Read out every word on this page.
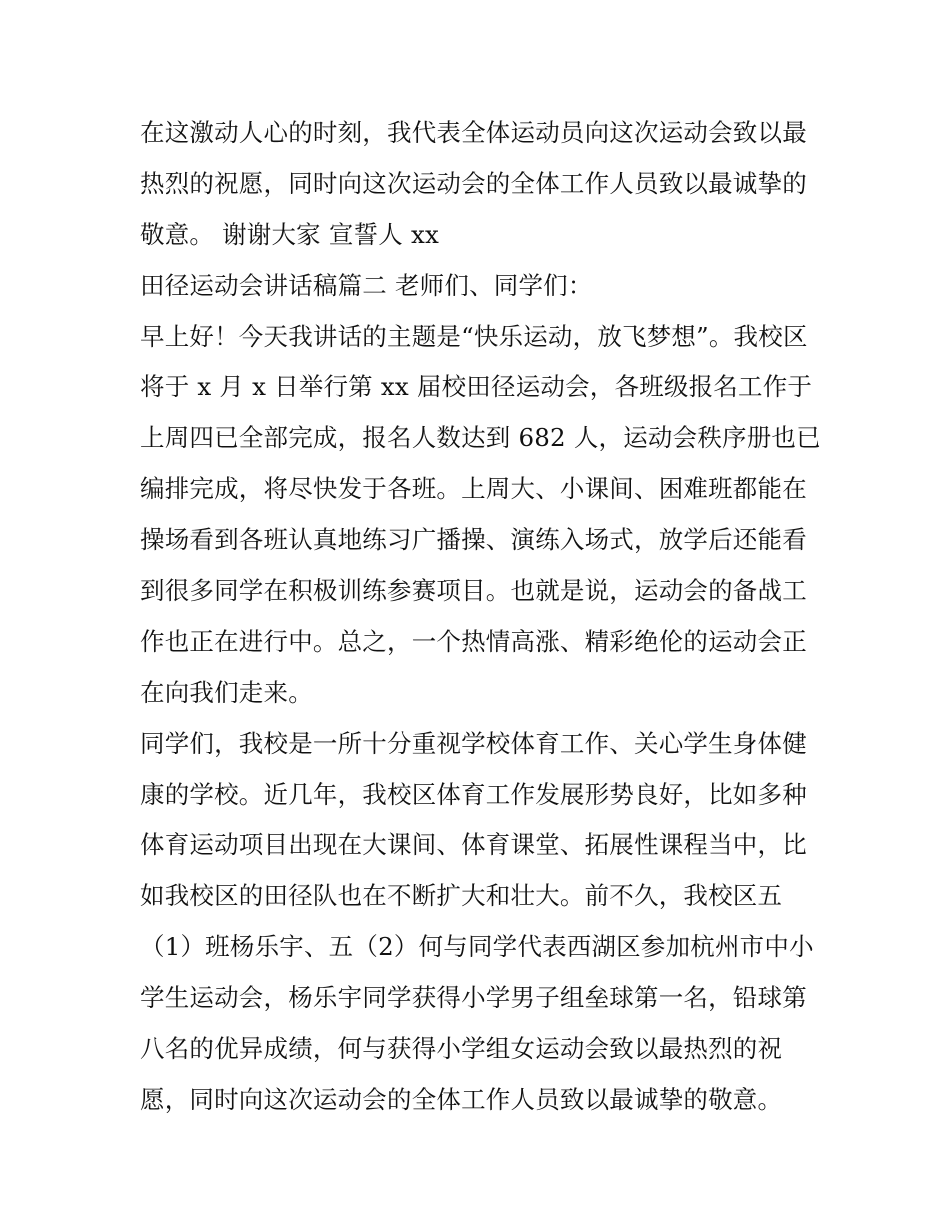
在这激动人心的时刻，我代表全体运动员向这次运动会致以最
热烈的祝愿，同时向这次运动会的全体工作人员致以最诚挚的
敬意。 谢谢大家 宣誓人 xx
田径运动会讲话稿篇二 老师们、同学们：
早上好！今天我讲话的主题是“快乐运动，放飞梦想”。我校区
将于 x 月 x 日举行第 xx 届校田径运动会，各班级报名工作于
上周四已全部完成，报名人数达到 682 人，运动会秩序册也已
编排完成，将尽快发于各班。上周大、小课间、困难班都能在
操场看到各班认真地练习广播操、演练入场式，放学后还能看
到很多同学在积极训练参赛项目。也就是说，运动会的备战工
作也正在进行中。总之，一个热情高涨、精彩绝伦的运动会正
在向我们走来。
同学们，我校是一所十分重视学校体育工作、关心学生身体健
康的学校。近几年，我校区体育工作发展形势良好，比如多种
体育运动项目出现在大课间、体育课堂、拓展性课程当中，比
如我校区的田径队也在不断扩大和壮大。前不久，我校区五
（1）班杨乐宇、五（2）何与同学代表西湖区参加杭州市中小
学生运动会，杨乐宇同学获得小学男子组垒球第一名，铅球第
八名的优异成绩，何与获得小学组女运动会致以最热烈的祝
愿，同时向这次运动会的全体工作人员致以最诚挚的敬意。
